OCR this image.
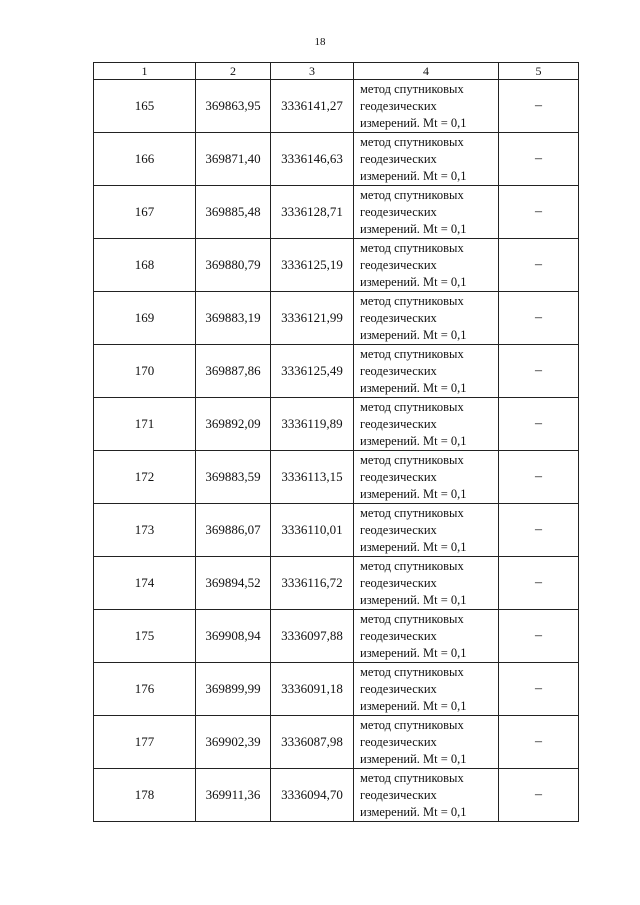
18
1	2	3	4	5
165	369863,95	3336141,27	метод спутниковых
геодезических
измерений. Mt = 0,1	–
166	369871,40	3336146,63	метод спутниковых
геодезических
измерений. Mt = 0,1	–
167	369885,48	3336128,71	метод спутниковых
геодезических
измерений. Mt = 0,1	–
168	369880,79	3336125,19	метод спутниковых
геодезических
измерений. Mt = 0,1	–
169	369883,19	3336121,99	метод спутниковых
геодезических
измерений. Mt = 0,1	–
170	369887,86	3336125,49	метод спутниковых
геодезических
измерений. Mt = 0,1	–
171	369892,09	3336119,89	метод спутниковых
геодезических
измерений. Mt = 0,1	–
172	369883,59	3336113,15	метод спутниковых
геодезических
измерений. Mt = 0,1	–
173	369886,07	3336110,01	метод спутниковых
геодезических
измерений. Mt = 0,1	–
174	369894,52	3336116,72	метод спутниковых
геодезических
измерений. Mt = 0,1	–
175	369908,94	3336097,88	метод спутниковых
геодезических
измерений. Mt = 0,1	–
176	369899,99	3336091,18	метод спутниковых
геодезических
измерений. Mt = 0,1	–
177	369902,39	3336087,98	метод спутниковых
геодезических
измерений. Mt = 0,1	–
178	369911,36	3336094,70	метод спутниковых
геодезических
измерений. Mt = 0,1	–
